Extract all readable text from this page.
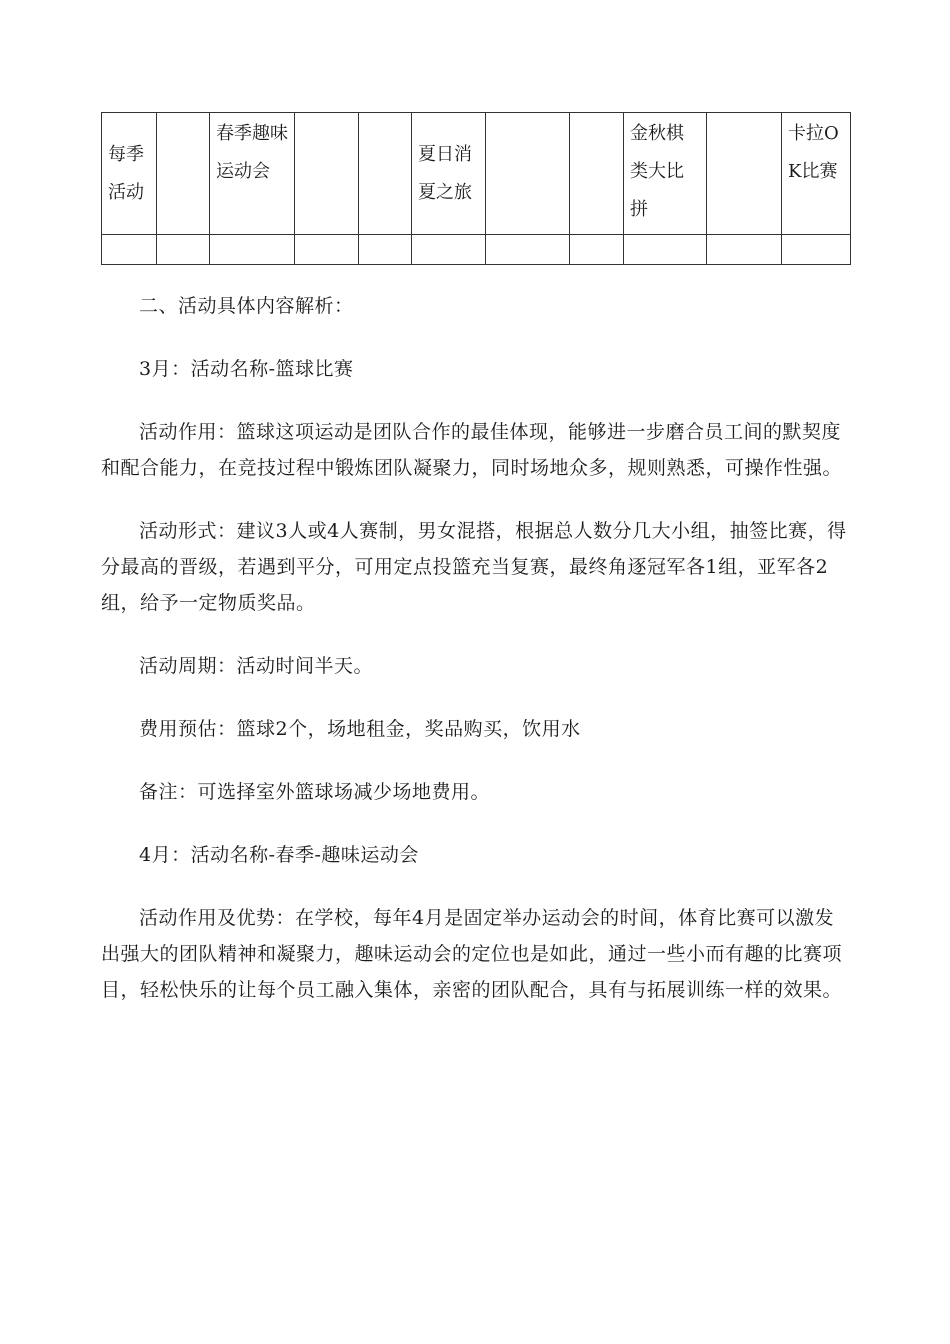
每季活动		春季趣味运动会			夏日消夏之旅			金秋棋类大比拼		卡拉OK比赛

二、活动具体内容解析：

3月：活动名称-篮球比赛

活动作用：篮球这项运动是团队合作的最佳体现，能够进一步磨合员工间的默契度和配合能力，在竞技过程中锻炼团队凝聚力，同时场地众多，规则熟悉，可操作性强。

活动形式：建议3人或4人赛制，男女混搭，根据总人数分几大小组，抽签比赛，得分最高的晋级，若遇到平分，可用定点投篮充当复赛，最终角逐冠军各1组，亚军各2组，给予一定物质奖品。

活动周期：活动时间半天。

费用预估：篮球2个，场地租金，奖品购买，饮用水

备注：可选择室外篮球场减少场地费用。

4月：活动名称-春季-趣味运动会

活动作用及优势：在学校，每年4月是固定举办运动会的时间，体育比赛可以激发出强大的团队精神和凝聚力，趣味运动会的定位也是如此，通过一些小而有趣的比赛项目，轻松快乐的让每个员工融入集体，亲密的团队配合，具有与拓展训练一样的效果。
